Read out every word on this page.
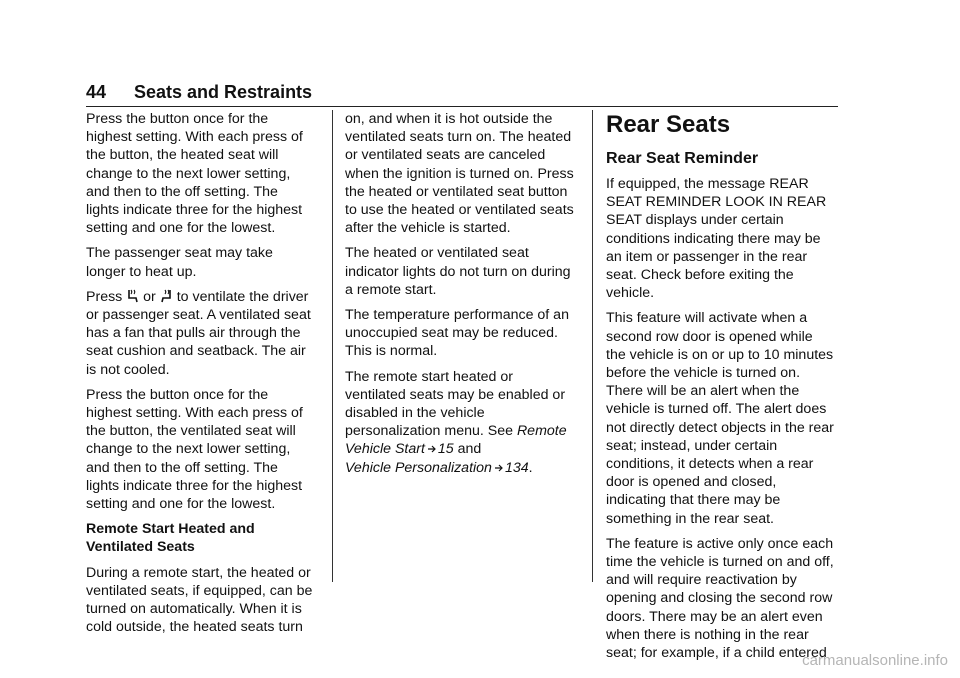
44 Seats and Restraints

Press the button once for the
highest setting. With each press of
the button, the heated seat will
change to the next lower setting,
and then to the off setting. The
lights indicate three for the highest
setting and one for the lowest.

The passenger seat may take
longer to heat up.

Press or to ventilate the driver
or passenger seat. A ventilated seat
has a fan that pulls air through the
seat cushion and seatback. The air
is not cooled.

Press the button once for the
highest setting. With each press of
the button, the ventilated seat will
change to the next lower setting,
and then to the off setting. The
lights indicate three for the highest
setting and one for the lowest.

Remote Start Heated and
Ventilated Seats

During a remote start, the heated or
ventilated seats, if equipped, can be
turned on automatically. When it is
cold outside, the heated seats turn

on, and when it is hot outside the
ventilated seats turn on. The heated
or ventilated seats are canceled
when the ignition is turned on. Press
the heated or ventilated seat button
to use the heated or ventilated seats
after the vehicle is started.

The heated or ventilated seat
indicator lights do not turn on during
a remote start.

The temperature performance of an
unoccupied seat may be reduced.
This is normal.

The remote start heated or
ventilated seats may be enabled or
disabled in the vehicle
personalization menu. See Remote
Vehicle Start 15 and
Vehicle Personalization 134.

Rear Seats
Rear Seat Reminder

If equipped, the message REAR
SEAT REMINDER LOOK IN REAR
SEAT displays under certain
conditions indicating there may be
an item or passenger in the rear
seat. Check before exiting the
vehicle.

This feature will activate when a
second row door is opened while
the vehicle is on or up to 10 minutes
before the vehicle is turned on.
There will be an alert when the
vehicle is turned off. The alert does
not directly detect objects in the rear
seat; instead, under certain
conditions, it detects when a rear
door is opened and closed,
indicating that there may be
something in the rear seat.

The feature is active only once each
time the vehicle is turned on and off,
and will require reactivation by
opening and closing the second row
doors. There may be an alert even
when there is nothing in the rear
seat; for example, if a child entered

carmanualsonline.info
